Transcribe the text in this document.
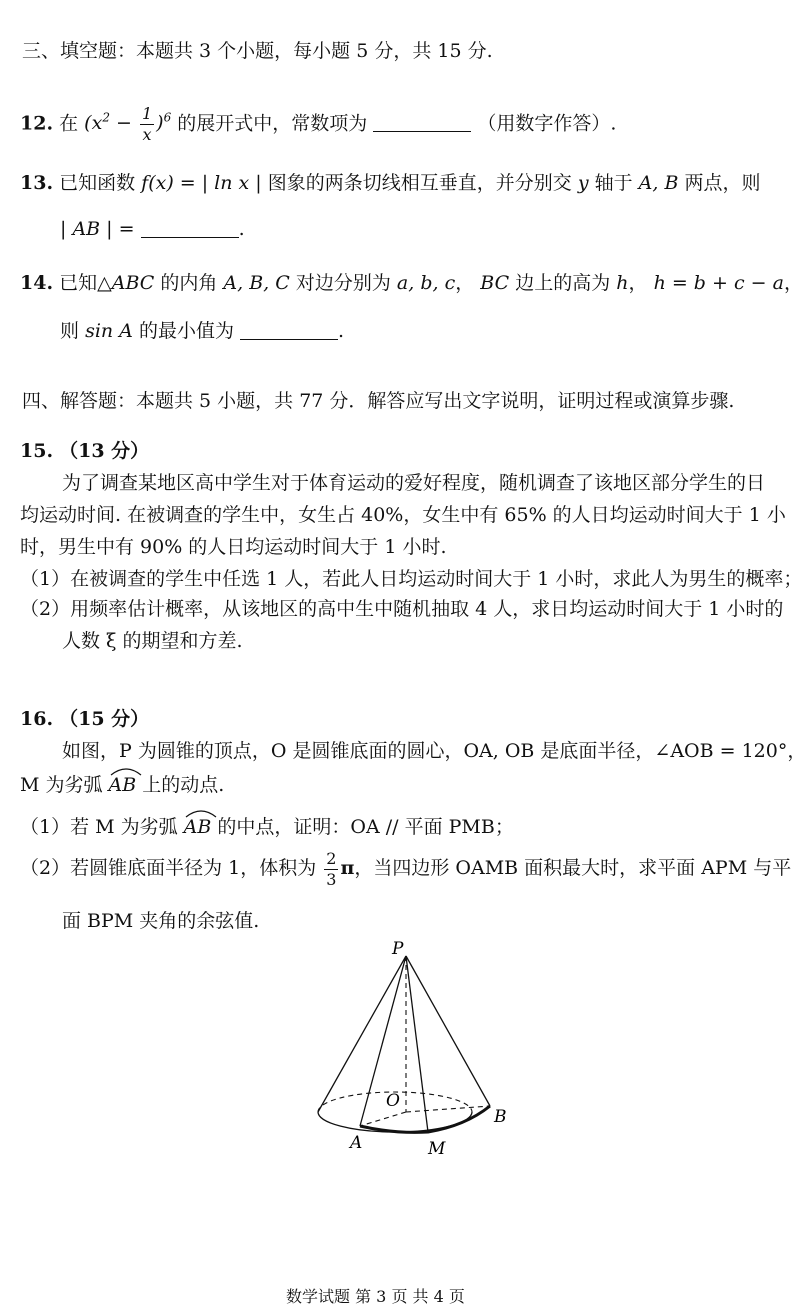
三、填空题：本题共 3 个小题，每小题 5 分，共 15 分.
12. 在 $(x^2 - \frac{1}{x} )^6$ 的展开式中，常数项为	（用数字作答）.
13. 已知函数 f(x) = | ln x | 图象的两条切线相互垂直，并分别交 y 轴于 A, B 两点，则
| AB | =	.
14. 已知△ABC 的内角 A, B, C 对边分别为 a, b, c， BC 边上的高为 h， h = b + c − a，
则 sin A 的最小值为	.
四、解答题：本题共 5 小题，共 77 分．解答应写出文字说明，证明过程或演算步骤.
15. （13 分）
为了调查某地区高中学生对于体育运动的爱好程度，随机调查了该地区部分学生的日
均运动时间. 在被调查的学生中，女生占 40%，女生中有 65% 的人日均运动时间大于 1 小
时，男生中有 90% 的人日均运动时间大于 1 小时.
（1）在被调查的学生中任选 1 人，若此人日均运动时间大于 1 小时，求此人为男生的概率；
（2）用频率估计概率，从该地区的高中生中随机抽取 4 人，求日均运动时间大于 1 小时的
人数 ξ 的期望和方差.
16. （15 分）
如图，P 为圆锥的顶点，O 是圆锥底面的圆心，OA, OB 是底面半径，∠AOB = 120°，
M 为劣弧 AB 上的动点.
（1）若 M 为劣弧 AB 的中点，证明：OA // 平面 PMB；
（2）若圆锥底面半径为 1，体积为 $\frac{2}{3}$ π，当四边形 OAMB 面积最大时，求平面 APM 与平
面 BPM 夹角的余弦值.
P
O
A
B
M
数学试题 第 3 页 共 4 页
